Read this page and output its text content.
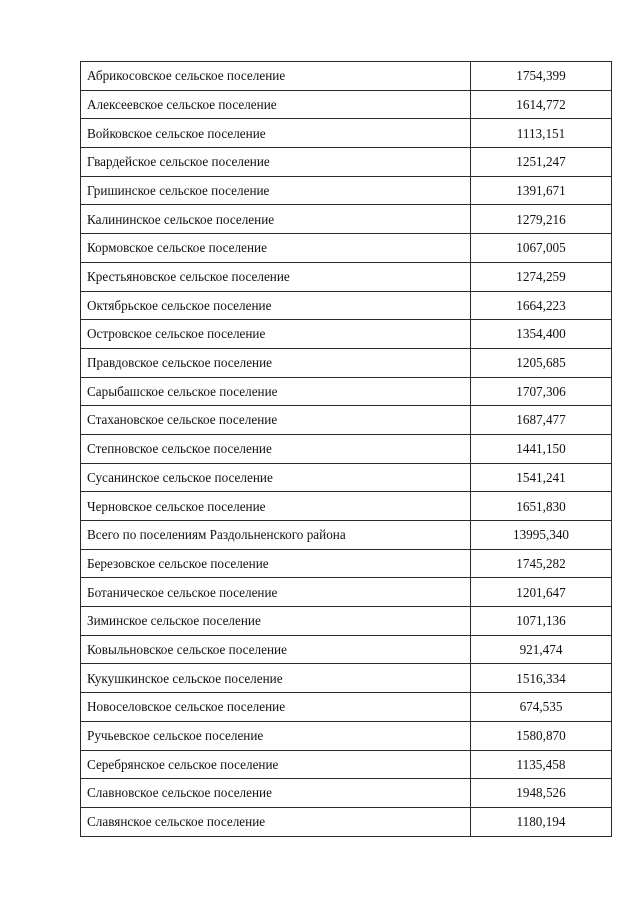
Абрикосовское сельское поселение	1754,399
Алексеевское сельское поселение	1614,772
Войковское сельское поселение	1113,151
Гвардейское сельское поселение	1251,247
Гришинское сельское поселение	1391,671
Калининское сельское поселение	1279,216
Кормовское сельское поселение	1067,005
Крестьяновское сельское поселение	1274,259
Октябрьское сельское поселение	1664,223
Островское сельское поселение	1354,400
Правдовское сельское поселение	1205,685
Сарыбашское сельское поселение	1707,306
Стахановское сельское поселение	1687,477
Степновское сельское поселение	1441,150
Сусанинское сельское поселение	1541,241
Черновское сельское поселение	1651,830
Всего по поселениям Раздольненского района	13995,340
Березовское сельское поселение	1745,282
Ботаническое сельское поселение	1201,647
Зиминское сельское поселение	1071,136
Ковыльновское сельское поселение	921,474
Кукушкинское сельское поселение	1516,334
Новоселовское сельское поселение	674,535
Ручьевское сельское поселение	1580,870
Серебрянское сельское поселение	1135,458
Славновское сельское поселение	1948,526
Славянское сельское поселение	1180,194
